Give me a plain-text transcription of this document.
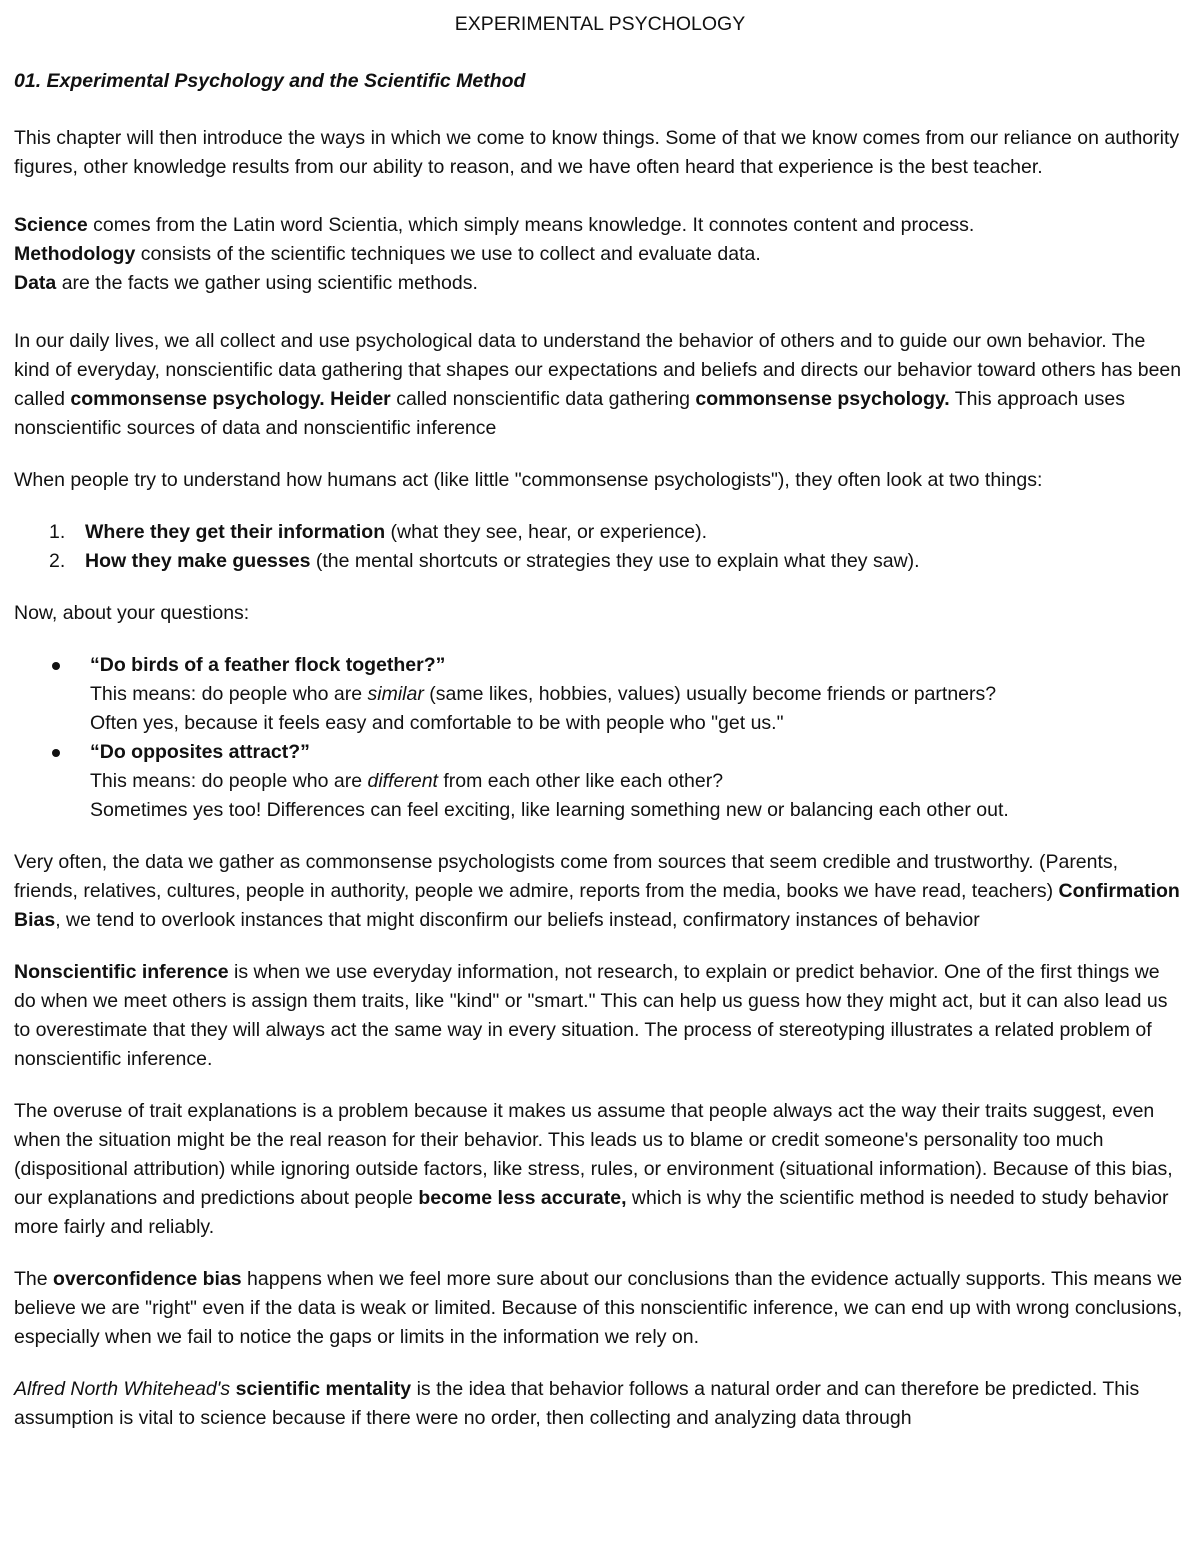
EXPERIMENTAL PSYCHOLOGY
01. Experimental Psychology and the Scientific Method

This chapter will then introduce the ways in which we come to know things. Some of that we know comes from our reliance on authority figures, other knowledge results from our ability to reason, and we have often heard that experience is the best teacher.

Science comes from the Latin word Scientia, which simply means knowledge. It connotes content and process.
Methodology consists of the scientific techniques we use to collect and evaluate data.
Data are the facts we gather using scientific methods.

In our daily lives, we all collect and use psychological data to understand the behavior of others and to guide our own behavior. The kind of everyday, nonscientific data gathering that shapes our expectations and beliefs and directs our behavior toward others has been called commonsense psychology. Heider called nonscientific data gathering commonsense psychology. This approach uses nonscientific sources of data and nonscientific inference

When people try to understand how humans act (like little "commonsense psychologists"), they often look at two things:

1. Where they get their information (what they see, hear, or experience).
2. How they make guesses (the mental shortcuts or strategies they use to explain what they saw).

Now, about your questions:

“Do birds of a feather flock together?”
This means: do people who are similar (same likes, hobbies, values) usually become friends or partners?
Often yes, because it feels easy and comfortable to be with people who "get us."
“Do opposites attract?”
This means: do people who are different from each other like each other?
Sometimes yes too! Differences can feel exciting, like learning something new or balancing each other out.

Very often, the data we gather as commonsense psychologists come from sources that seem credible and trustworthy. (Parents, friends, relatives, cultures, people in authority, people we admire, reports from the media, books we have read, teachers) Confirmation Bias, we tend to overlook instances that might disconfirm our beliefs instead, confirmatory instances of behavior

Nonscientific inference is when we use everyday information, not research, to explain or predict behavior. One of the first things we do when we meet others is assign them traits, like "kind" or "smart." This can help us guess how they might act, but it can also lead us to overestimate that they will always act the same way in every situation. The process of stereotyping illustrates a related problem of nonscientific inference.

The overuse of trait explanations is a problem because it makes us assume that people always act the way their traits suggest, even when the situation might be the real reason for their behavior. This leads us to blame or credit someone's personality too much (dispositional attribution) while ignoring outside factors, like stress, rules, or environment (situational information). Because of this bias, our explanations and predictions about people become less accurate, which is why the scientific method is needed to study behavior more fairly and reliably.

The overconfidence bias happens when we feel more sure about our conclusions than the evidence actually supports. This means we believe we are "right" even if the data is weak or limited. Because of this nonscientific inference, we can end up with wrong conclusions, especially when we fail to notice the gaps or limits in the information we rely on.

Alfred North Whitehead's scientific mentality is the idea that behavior follows a natural order and can therefore be predicted. This assumption is vital to science because if there were no order, then collecting and analyzing data through
